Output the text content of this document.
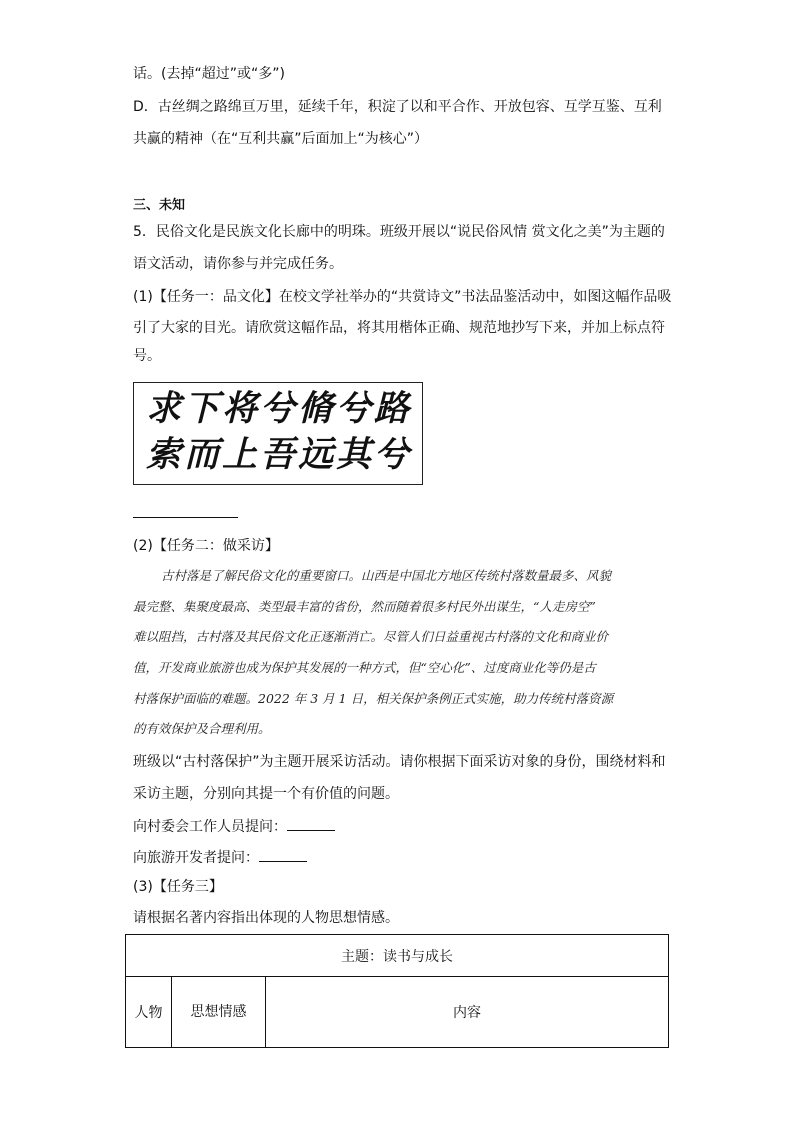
话。(去掉“超过”或“多”)
D．古丝绸之路绵亘万里，延续千年，积淀了以和平合作、开放包容、互学互鉴、互利
共赢的精神（在“互利共赢”后面加上“为核心”）
三、未知
5．民俗文化是民族文化长廊中的明珠。班级开展以“说民俗风情 赏文化之美”为主题的
语文活动，请你参与并完成任务。
(1)【任务一：品文化】在校文学社举办的“共赏诗文”书法品鉴活动中，如图这幅作品吸
引了大家的目光。请欣赏这幅作品，将其用楷体正确、规范地抄写下来，并加上标点符
号。
求下将兮脩兮路
索而上吾远其兮
(2)【任务二：做采访】
古村落是了解民俗文化的重要窗口。山西是中国北方地区传统村落数量最多、风貌
最完整、集聚度最高、类型最丰富的省份，然而随着很多村民外出谋生，“人走房空”
难以阻挡，古村落及其民俗文化正逐渐消亡。尽管人们日益重视古村落的文化和商业价
值，开发商业旅游也成为保护其发展的一种方式，但“空心化”、过度商业化等仍是古
村落保护面临的难题。2022 年 3 月 1 日，相关保护条例正式实施，助力传统村落资源
的有效保护及合理利用。
班级以“古村落保护”为主题开展采访活动。请你根据下面采访对象的身份，围绕材料和
采访主题，分别向其提一个有价值的问题。
向村委会工作人员提问：
向旅游开发者提问：
(3)【任务三】
请根据名著内容指出体现的人物思想情感。
主题：读书与成长
人物	思想情感	内容
